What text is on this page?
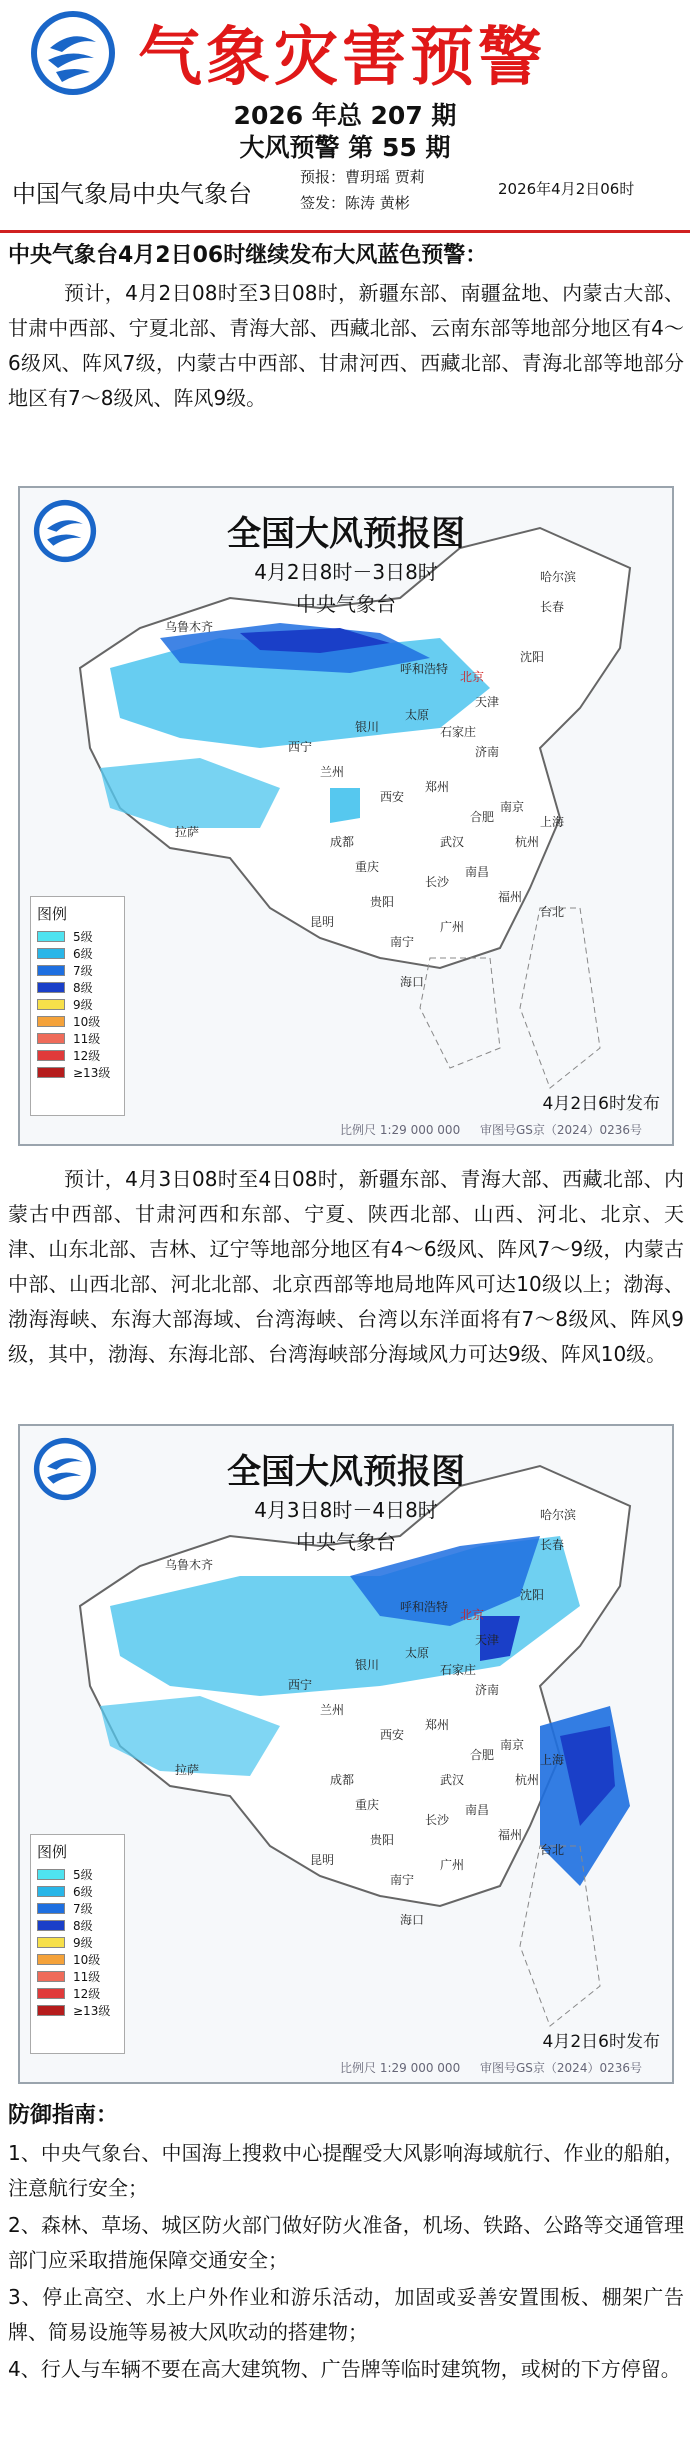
气象灾害预警
2026 年总 207 期
大风预警 第 55 期
中国气象局中央气象台
预报：曹玥瑶 贾莉
签发：陈涛 黄彬
2026年4月2日06时
中央气象台4月2日06时继续发布大风蓝色预警：
预计，4月2日08时至3日08时，新疆东部、南疆盆地、内蒙古大部、甘肃中西部、宁夏北部、青海大部、西藏北部、云南东部等地部分地区有4～6级风、阵风7级，内蒙古中西部、甘肃河西、西藏北部、青海北部等地部分地区有7～8级风、阵风9级。
全国大风预报图
4月2日8时－3日8时
中央气象台
乌鲁木齐
哈尔滨
长春
沈阳
北京
呼和浩特
天津
太原
石家庄
银川
西宁
兰州
济南
郑州
西安
南京
合肥	上海
杭州
武汉
成都
重庆
长沙
南昌
拉萨
贵阳
昆明	广州
南宁
海口
福州
台北
图例
5级
6级
7级
8级
9级
10级
11级
12级
≥13级
比例尺 1:29 000 000 审图号GS京（2024）0236号
4月2日6时发布
预计，4月3日08时至4日08时，新疆东部、青海大部、西藏北部、内蒙古中西部、甘肃河西和东部、宁夏、陕西北部、山西、河北、北京、天津、山东北部、吉林、辽宁等地部分地区有4～6级风、阵风7～9级，内蒙古中部、山西北部、河北北部、北京西部等地局地阵风可达10级以上；渤海、渤海海峡、东海大部海域、台湾海峡、台湾以东洋面将有7～8级风、阵风9级，其中，渤海、东海北部、台湾海峡部分海域风力可达9级、阵风10级。
全国大风预报图
4月3日8时－4日8时
中央气象台
乌鲁木齐
哈尔滨
长春
沈阳
北京
呼和浩特
天津
太原
石家庄
银川
西宁
兰州
济南
郑州
西安
南京
合肥	上海
杭州
武汉
成都
重庆
长沙
南昌
拉萨
贵阳
昆明	广州
南宁
海口
福州
台北
图例
5级
6级
7级
8级
9级
10级
11级
12级
≥13级
比例尺 1:29 000 000 审图号GS京（2024）0236号
4月2日6时发布
防御指南：
1、中央气象台、中国海上搜救中心提醒受大风影响海域航行、作业的船舶，注意航行安全；
2、森林、草场、城区防火部门做好防火准备，机场、铁路、公路等交通管理部门应采取措施保障交通安全；
3、停止高空、水上户外作业和游乐活动，加固或妥善安置围板、棚架广告牌、简易设施等易被大风吹动的搭建物；
4、行人与车辆不要在高大建筑物、广告牌等临时建筑物，或树的下方停留。
